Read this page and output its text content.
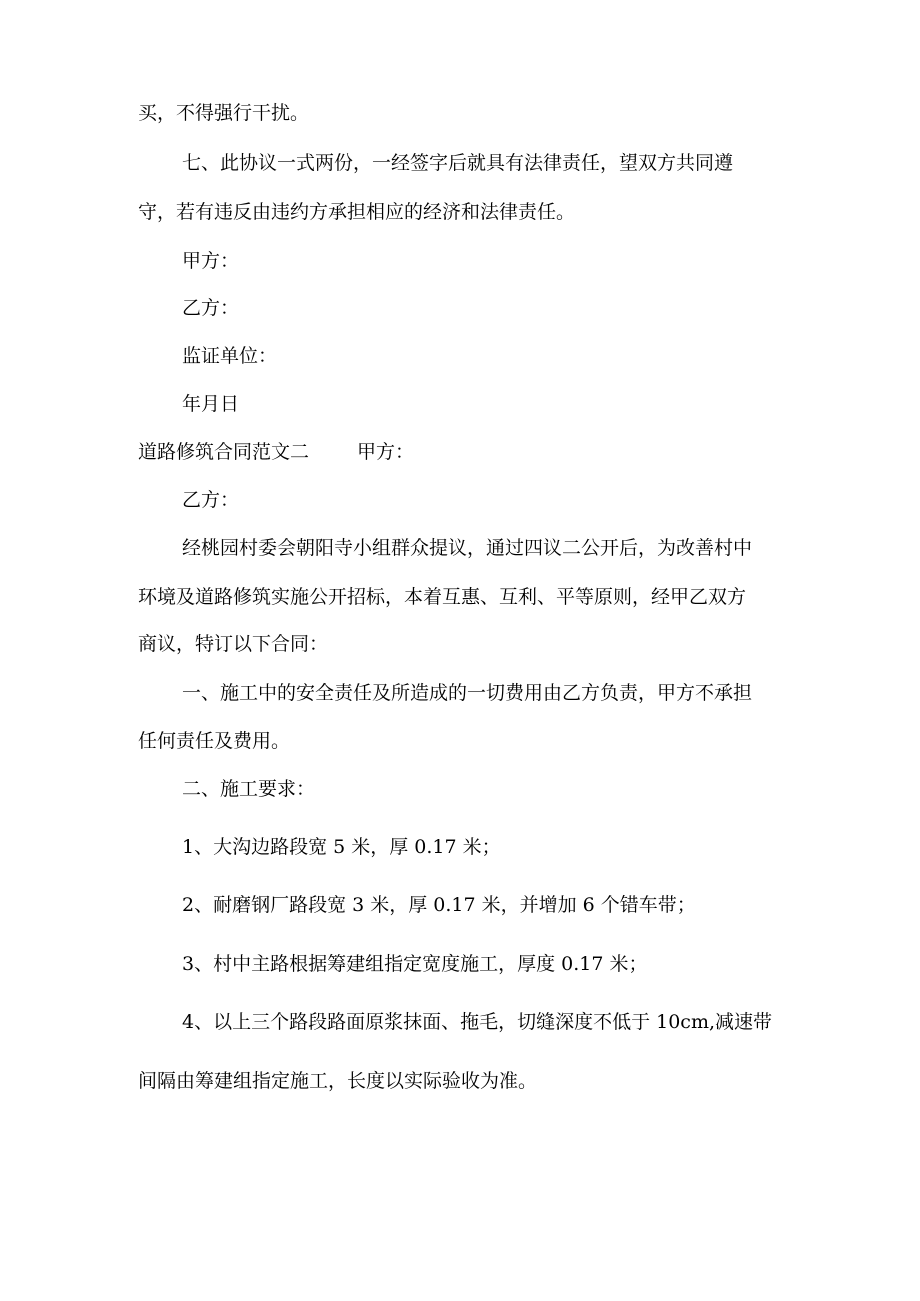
买，不得强行干扰。
七、此协议一式两份，一经签字后就具有法律责任，望双方共同遵
守，若有违反由违约方承担相应的经济和法律责任。
甲方：
乙方：
监证单位：
年月日
道路修筑合同范文二	甲方：
乙方：
经桃园村委会朝阳寺小组群众提议，通过四议二公开后，为改善村中
环境及道路修筑实施公开招标，本着互惠、互利、平等原则，经甲乙双方
商议，特订以下合同：
一、施工中的安全责任及所造成的一切费用由乙方负责，甲方不承担
任何责任及费用。
二、施工要求：
1、大沟边路段宽 5 米，厚 0.17 米；
2、耐磨钢厂路段宽 3 米，厚 0.17 米，并增加 6 个错车带；
3、村中主路根据筹建组指定宽度施工，厚度 0.17 米；
4、以上三个路段路面原浆抹面、拖毛，切缝深度不低于 10cm,减速带
间隔由筹建组指定施工，长度以实际验收为准。
